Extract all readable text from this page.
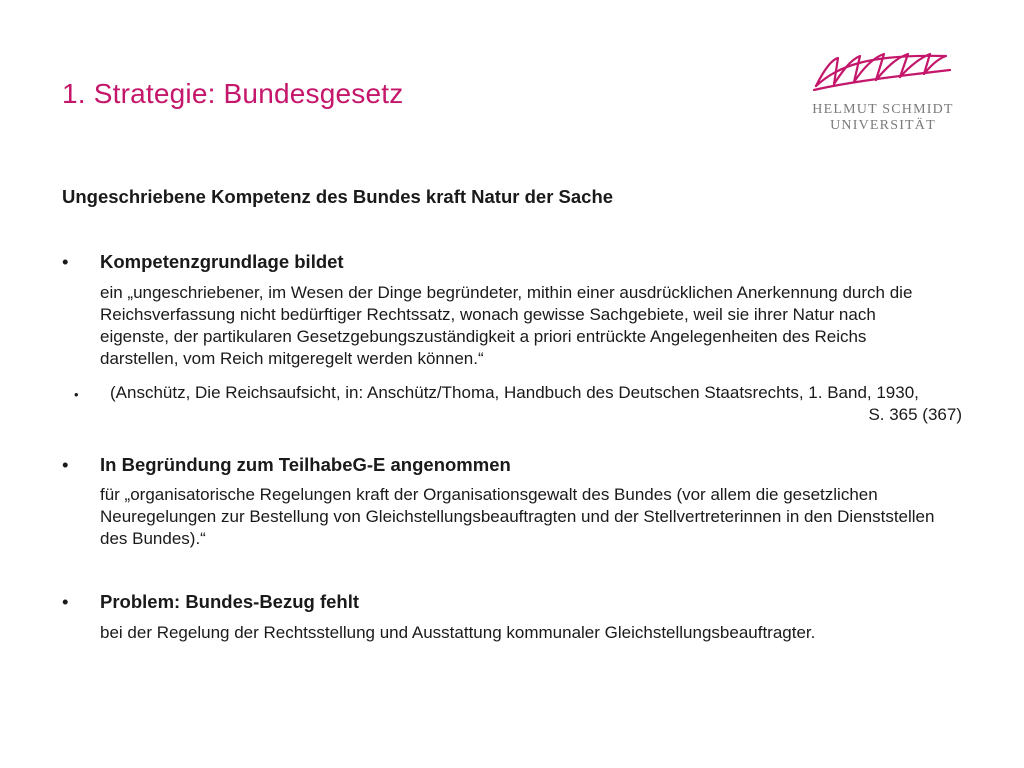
1. Strategie: Bundesgesetz
HELMUT SCHMIDT
UNIVERSITÄT
Ungeschriebene Kompetenz des Bundes kraft Natur der Sache
• Kompetenzgrundlage bildet
ein „ungeschriebener, im Wesen der Dinge begründeter, mithin einer ausdrücklichen Anerkennung durch die Reichsverfassung nicht bedürftiger Rechtssatz, wonach gewisse Sachgebiete, weil sie ihrer Natur nach eigenste, der partikularen Gesetzgebungszuständigkeit a priori entrückte Angelegenheiten des Reichs darstellen, vom Reich mitgeregelt werden können.“
• (Anschütz, Die Reichsaufsicht, in: Anschütz/Thoma, Handbuch des Deutschen Staatsrechts, 1. Band, 1930,
S. 365 (367)
• In Begründung zum TeilhabeG-E angenommen
für „organisatorische Regelungen kraft der Organisationsgewalt des Bundes (vor allem die gesetzlichen Neuregelungen zur Bestellung von Gleichstellungsbeauftragten und der Stellvertreterinnen in den Dienststellen des Bundes).“
• Problem: Bundes-Bezug fehlt
bei der Regelung der Rechtsstellung und Ausstattung kommunaler Gleichstellungsbeauftragter.
